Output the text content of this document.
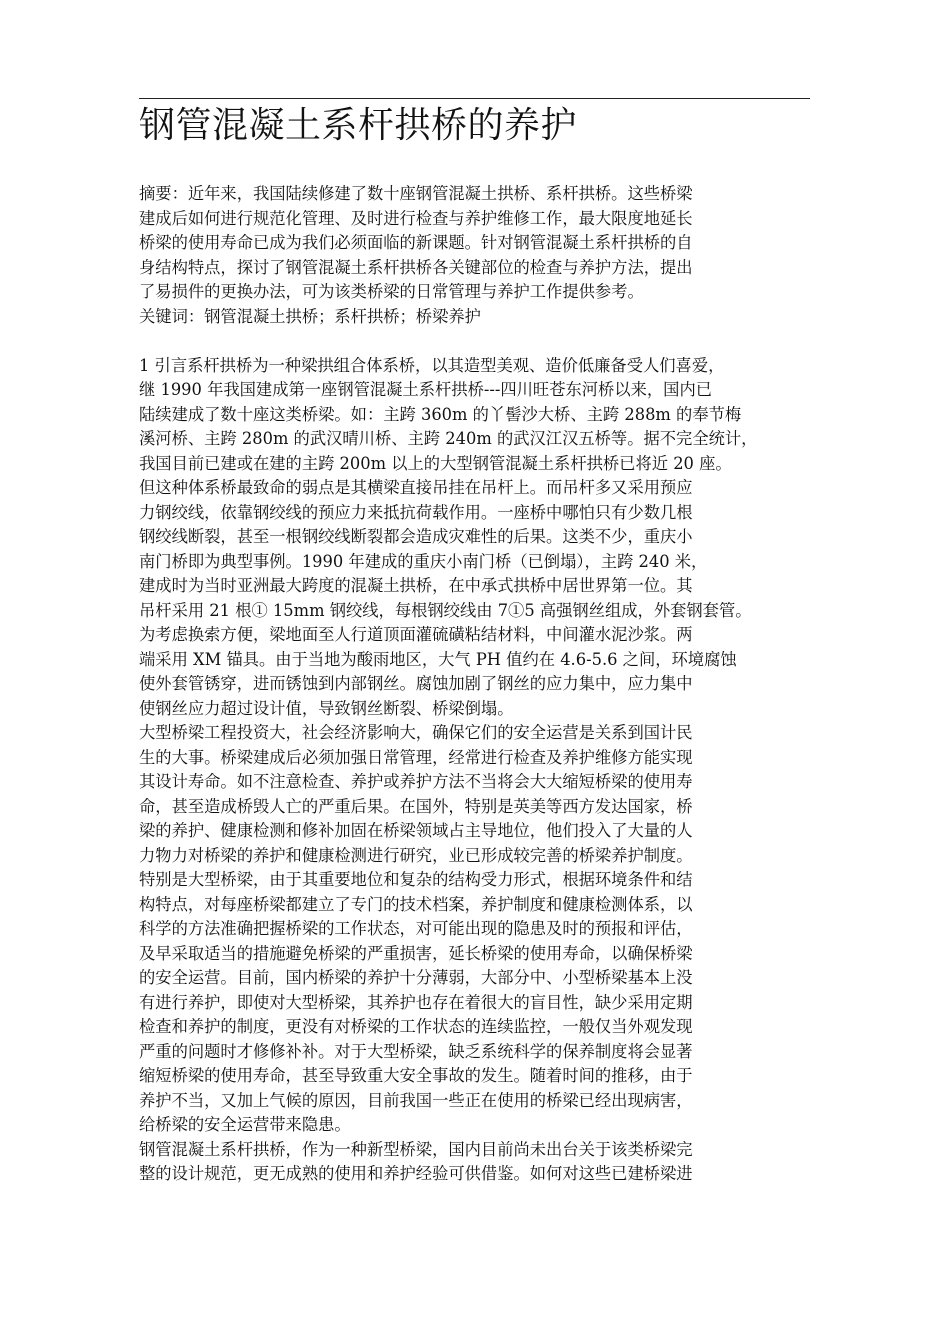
钢管混凝土系杆拱桥的养护
摘要：近年来，我国陆续修建了数十座钢管混凝土拱桥、系杆拱桥。这些桥梁
建成后如何进行规范化管理、及时进行检查与养护维修工作，最大限度地延长
桥梁的使用寿命已成为我们必须面临的新课题。针对钢管混凝土系杆拱桥的自
身结构特点，探讨了钢管混凝土系杆拱桥各关键部位的检查与养护方法，提出
了易损件的更换办法，可为该类桥梁的日常管理与养护工作提供参考。
关键词：钢管混凝土拱桥；系杆拱桥；桥梁养护
1 引言系杆拱桥为一种梁拱组合体系桥，以其造型美观、造价低廉备受人们喜爱，
继 1990 年我国建成第一座钢管混凝土系杆拱桥---四川旺苍东河桥以来，国内已
陆续建成了数十座这类桥梁。如：主跨 360m 的丫髻沙大桥、主跨 288m 的奉节梅
溪河桥、主跨 280m 的武汉晴川桥、主跨 240m 的武汉江汉五桥等。据不完全统计，
我国目前已建或在建的主跨 200m 以上的大型钢管混凝土系杆拱桥已将近 20 座。
但这种体系桥最致命的弱点是其横梁直接吊挂在吊杆上。而吊杆多又采用预应
力钢绞线，依靠钢绞线的预应力来抵抗荷载作用。一座桥中哪怕只有少数几根
钢绞线断裂，甚至一根钢绞线断裂都会造成灾难性的后果。这类不少，重庆小
南门桥即为典型事例。1990 年建成的重庆小南门桥（已倒塌），主跨 240 米，
建成时为当时亚洲最大跨度的混凝土拱桥，在中承式拱桥中居世界第一位。其
吊杆采用 21 根① 15mm 钢绞线，每根钢绞线由 7①5 高强钢丝组成，外套钢套管。
为考虑换索方便，梁地面至人行道顶面灌硫磺粘结材料，中间灌水泥沙浆。两
端采用 XM 锚具。由于当地为酸雨地区，大气 PH 值约在 4.6-5.6 之间，环境腐蚀
使外套管锈穿，进而锈蚀到内部钢丝。腐蚀加剧了钢丝的应力集中，应力集中
使钢丝应力超过设计值，导致钢丝断裂、桥梁倒塌。
大型桥梁工程投资大，社会经济影响大，确保它们的安全运营是关系到国计民
生的大事。桥梁建成后必须加强日常管理，经常进行检查及养护维修方能实现
其设计寿命。如不注意检查、养护或养护方法不当将会大大缩短桥梁的使用寿
命，甚至造成桥毁人亡的严重后果。在国外，特别是英美等西方发达国家，桥
梁的养护、健康检测和修补加固在桥梁领域占主导地位，他们投入了大量的人
力物力对桥梁的养护和健康检测进行研究，业已形成较完善的桥梁养护制度。
特别是大型桥梁，由于其重要地位和复杂的结构受力形式，根据环境条件和结
构特点，对每座桥梁都建立了专门的技术档案，养护制度和健康检测体系，以
科学的方法准确把握桥梁的工作状态，对可能出现的隐患及时的预报和评估，
及早采取适当的措施避免桥梁的严重损害，延长桥梁的使用寿命，以确保桥梁
的安全运营。目前，国内桥梁的养护十分薄弱，大部分中、小型桥梁基本上没
有进行养护，即使对大型桥梁，其养护也存在着很大的盲目性，缺少采用定期
检查和养护的制度，更没有对桥梁的工作状态的连续监控，一般仅当外观发现
严重的问题时才修修补补。对于大型桥梁，缺乏系统科学的保养制度将会显著
缩短桥梁的使用寿命，甚至导致重大安全事故的发生。随着时间的推移，由于
养护不当，又加上气候的原因，目前我国一些正在使用的桥梁已经出现病害，
给桥梁的安全运营带来隐患。
钢管混凝土系杆拱桥，作为一种新型桥梁，国内目前尚未出台关于该类桥梁完
整的设计规范，更无成熟的使用和养护经验可供借鉴。如何对这些已建桥梁进
